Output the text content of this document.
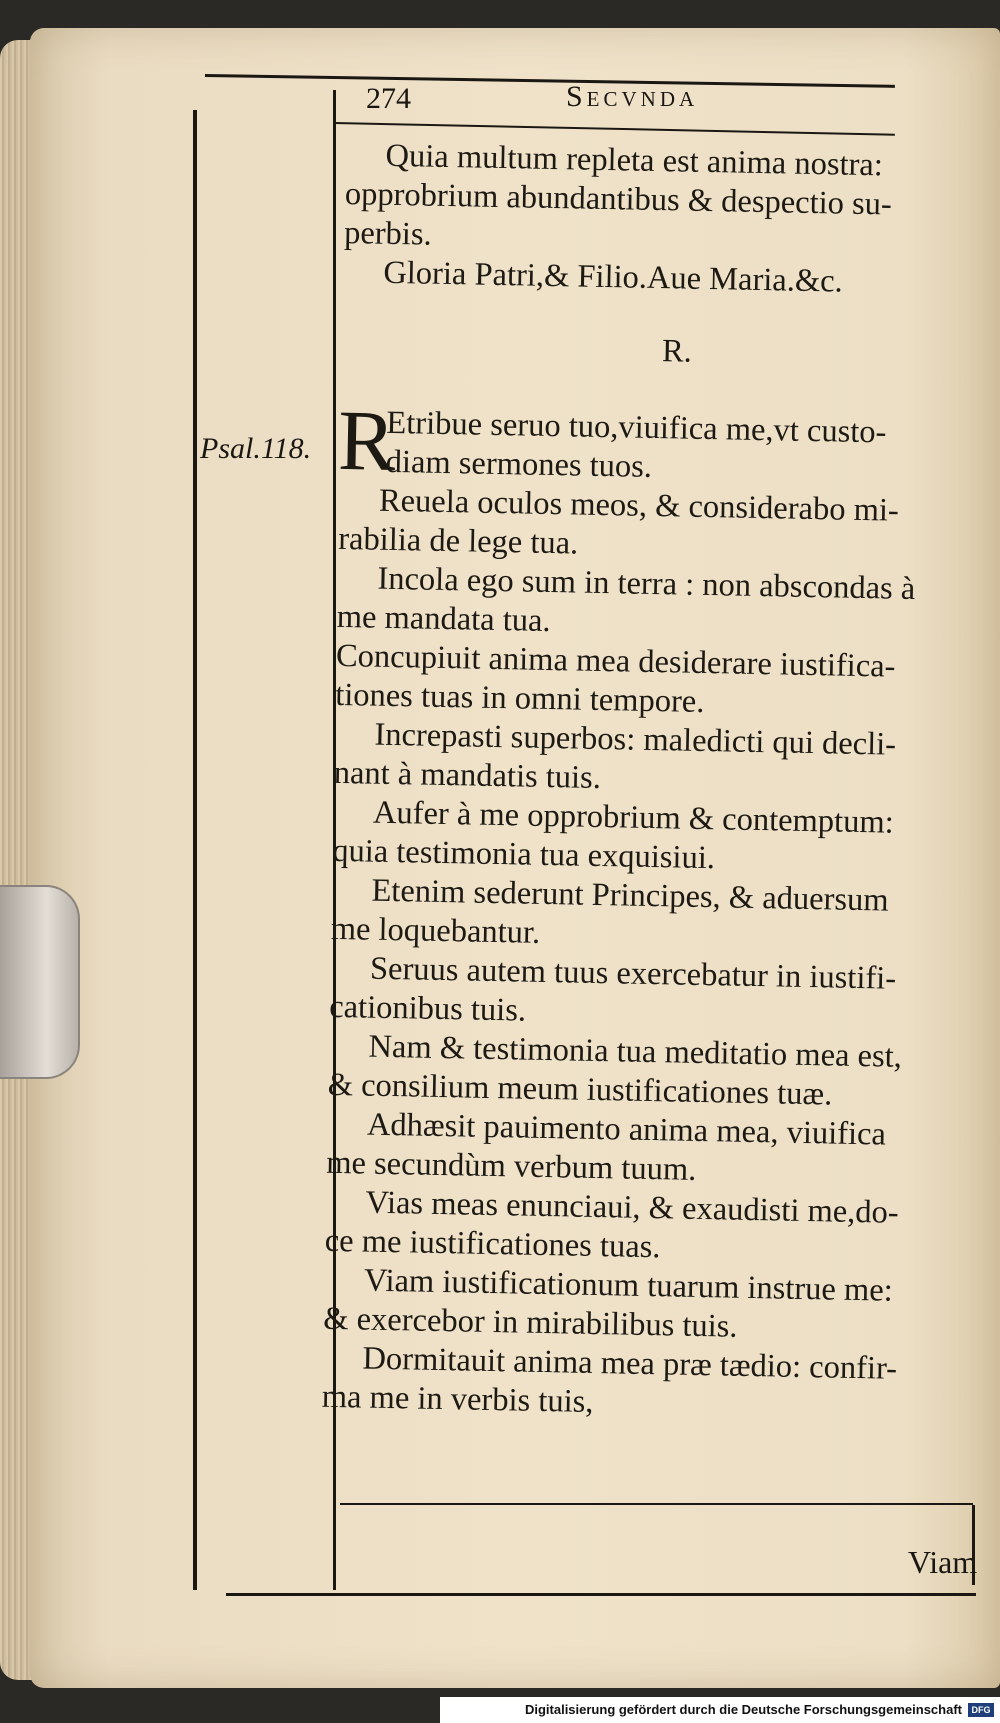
274	Secvnda
Psal.118.
Quia multum repleta est anima nostra:
opprobrium abundantibus & despectio su-
perbis.
Gloria Patri,& Filio.Aue Maria.&c.
R.
R
Etribue seruo tuo,viuifica me,vt custo-
diam sermones tuos.
Reuela oculos meos, & considerabo mi-
rabilia de lege tua.
Incola ego sum in terra : non abscondas à
me mandata tua.
Concupiuit anima mea desiderare iustifica-
tiones tuas in omni tempore.
Increpasti superbos: maledicti qui decli-
nant à mandatis tuis.
Aufer à me opprobrium & contemptum:
quia testimonia tua exquisiui.
Etenim sederunt Principes, & aduersum
me loquebantur.
Seruus autem tuus exercebatur in iustifi-
cationibus tuis.
Nam & testimonia tua meditatio mea est,
& consilium meum iustificationes tuæ.
Adhæsit pauimento anima mea, viuifica
me secundùm verbum tuum.
Vias meas enunciaui, & exaudisti me,do-
ce me iustificationes tuas.
Viam iustificationum tuarum instrue me:
& exercebor in mirabilibus tuis.
Dormitauit anima mea præ tædio: confir-
ma me in verbis tuis,
Viam
Digitalisierung gefördert durch die Deutsche Forschungsgemeinschaft	DFG
